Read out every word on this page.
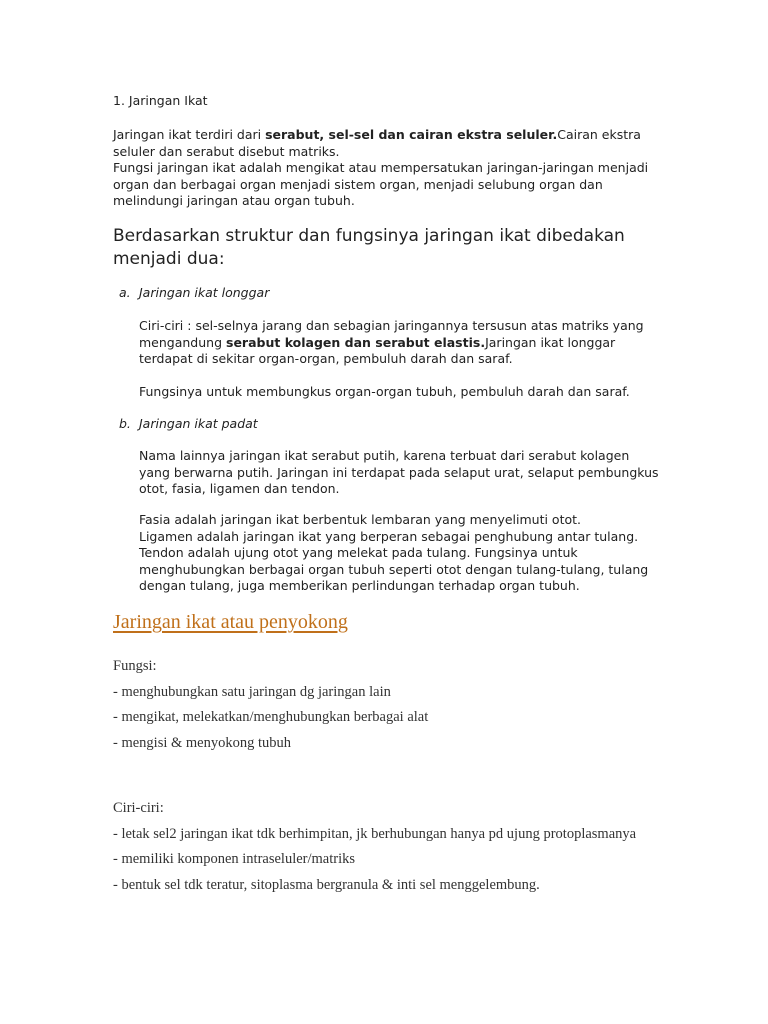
1. Jaringan Ikat
Jaringan ikat terdiri dari serabut, sel-sel dan cairan ekstra seluler.Cairan ekstra seluler dan serabut disebut matriks.
Fungsi jaringan ikat adalah mengikat atau mempersatukan jaringan-jaringan menjadi organ dan berbagai organ menjadi sistem organ, menjadi selubung organ dan melindungi jaringan atau organ tubuh.
Berdasarkan struktur dan fungsinya jaringan ikat dibedakan menjadi dua:
a. Jaringan ikat longgar
Ciri-ciri : sel-selnya jarang dan sebagian jaringannya tersusun atas matriks yang mengandung serabut kolagen dan serabut elastis.Jaringan ikat longgar terdapat di sekitar organ-organ, pembuluh darah dan saraf.
Fungsinya untuk membungkus organ-organ tubuh, pembuluh darah dan saraf.
b. Jaringan ikat padat
Nama lainnya jaringan ikat serabut putih, karena terbuat dari serabut kolagen yang berwarna putih. Jaringan ini terdapat pada selaput urat, selaput pembungkus otot, fasia, ligamen dan tendon.
Fasia adalah jaringan ikat berbentuk lembaran yang menyelimuti otot.
Ligamen adalah jaringan ikat yang berperan sebagai penghubung antar tulang.
Tendon adalah ujung otot yang melekat pada tulang. Fungsinya untuk menghubungkan berbagai organ tubuh seperti otot dengan tulang-tulang, tulang dengan tulang, juga memberikan perlindungan terhadap organ tubuh.
Jaringan ikat atau penyokong
Fungsi:
- menghubungkan satu jaringan dg jaringan lain
- mengikat, melekatkan/menghubungkan berbagai alat
- mengisi & menyokong tubuh
Ciri-ciri:
- letak sel2 jaringan ikat tdk berhimpitan, jk berhubungan hanya pd ujung protoplasmanya
- memiliki komponen intraseluler/matriks
- bentuk sel tdk teratur, sitoplasma bergranula & inti sel menggelembung.
